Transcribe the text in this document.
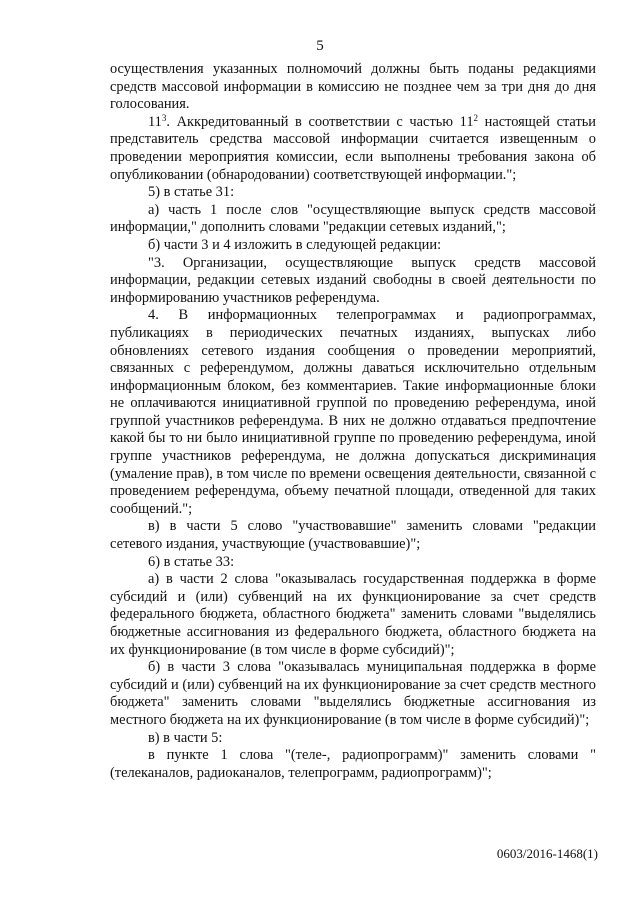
5

осуществления указанных полномочий должны быть поданы редакциями средств массовой информации в комиссию не позднее чем за три дня до дня голосования.

$11^3$. Аккредитованный в соответствии с частью $11^2$ настоящей статьи представитель средства массовой информации считается извещенным о проведении мероприятия комиссии, если выполнены требования закона об опубликовании (обнародовании) соответствующей информации.";

5) в статье 31:

а) часть 1 после слов "осуществляющие выпуск средств массовой информации," дополнить словами "редакции сетевых изданий,";

б) части 3 и 4 изложить в следующей редакции:

"3. Организации, осуществляющие выпуск средств массовой информации, редакции сетевых изданий свободны в своей деятельности по информированию участников референдума.

4. В информационных телепрограммах и радиопрограммах, публикациях в периодических печатных изданиях, выпусках либо обновлениях сетевого издания сообщения о проведении мероприятий, связанных с референдумом, должны даваться исключительно отдельным информационным блоком, без комментариев. Такие информационные блоки не оплачиваются инициативной группой по проведению референдума, иной группой участников референдума. В них не должно отдаваться предпочтение какой бы то ни было инициативной группе по проведению референдума, иной группе участников референдума, не должна допускаться дискриминация (умаление прав), в том числе по времени освещения деятельности, связанной с проведением референдума, объему печатной площади, отведенной для таких сообщений.";

в) в части 5 слово "участвовавшие" заменить словами "редакции сетевого издания, участвующие (участвовавшие)";

6) в статье 33:

а) в части 2 слова "оказывалась государственная поддержка в форме субсидий и (или) субвенций на их функционирование за счет средств федерального бюджета, областного бюджета" заменить словами "выделялись бюджетные ассигнования из федерального бюджета, областного бюджета на их функционирование (в том числе в форме субсидий)";

б) в части 3 слова "оказывалась муниципальная поддержка в форме субсидий и (или) субвенций на их функционирование за счет средств местного бюджета" заменить словами "выделялись бюджетные ассигнования из местного бюджета на их функционирование (в том числе в форме субсидий)";

в) в части 5:

в пункте 1 слова "(теле-, радиопрограмм)" заменить словами "(телеканалов, радиоканалов, телепрограмм, радиопрограмм)";

0603/2016-1468(1)
